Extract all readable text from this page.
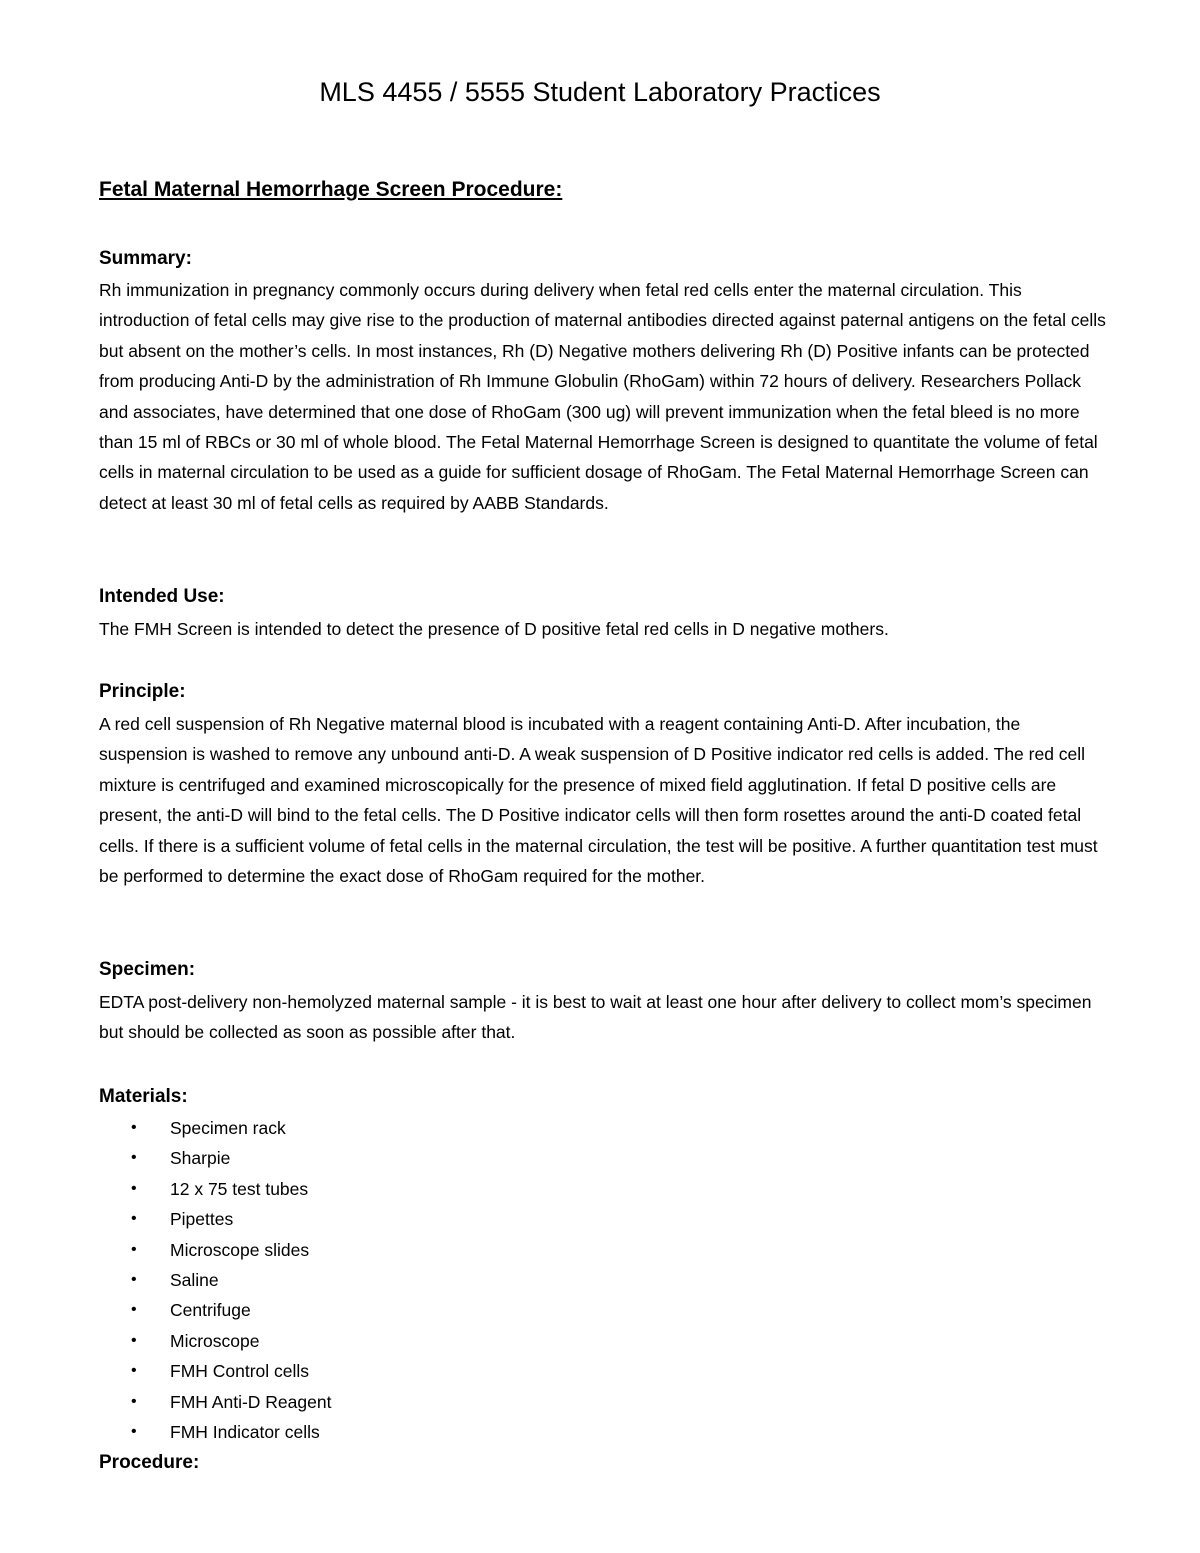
MLS 4455 / 5555 Student Laboratory Practices
Fetal Maternal Hemorrhage Screen Procedure:
Summary:

Rh immunization in pregnancy commonly occurs during delivery when fetal red cells enter the maternal circulation. This introduction of fetal cells may give rise to the production of maternal antibodies directed against paternal antigens on the fetal cells but absent on the mother’s cells. In most instances, Rh (D) Negative mothers delivering Rh (D) Positive infants can be protected from producing Anti-D by the administration of Rh Immune Globulin (RhoGam) within 72 hours of delivery. Researchers Pollack and associates, have determined that one dose of RhoGam (300 ug) will prevent immunization when the fetal bleed is no more than 15 ml of RBCs or 30 ml of whole blood. The Fetal Maternal Hemorrhage Screen is designed to quantitate the volume of fetal cells in maternal circulation to be used as a guide for sufficient dosage of RhoGam. The Fetal Maternal Hemorrhage Screen can detect at least 30 ml of fetal cells as required by AABB Standards.

Intended Use:

The FMH Screen is intended to detect the presence of D positive fetal red cells in D negative mothers.

Principle:

A red cell suspension of Rh Negative maternal blood is incubated with a reagent containing Anti-D. After incubation, the suspension is washed to remove any unbound anti-D. A weak suspension of D Positive indicator red cells is added. The red cell mixture is centrifuged and examined microscopically for the presence of mixed field agglutination. If fetal D positive cells are present, the anti-D will bind to the fetal cells. The D Positive indicator cells will then form rosettes around the anti-D coated fetal cells. If there is a sufficient volume of fetal cells in the maternal circulation, the test will be positive. A further quantitation test must be performed to determine the exact dose of RhoGam required for the mother.

Specimen:

EDTA post-delivery non-hemolyzed maternal sample - it is best to wait at least one hour after delivery to collect mom’s specimen but should be collected as soon as possible after that.

Materials:
• Specimen rack
• Sharpie
• 12 x 75 test tubes
• Pipettes
• Microscope slides
• Saline
• Centrifuge
• Microscope
• FMH Control cells
• FMH Anti-D Reagent
• FMH Indicator cells
Procedure:
